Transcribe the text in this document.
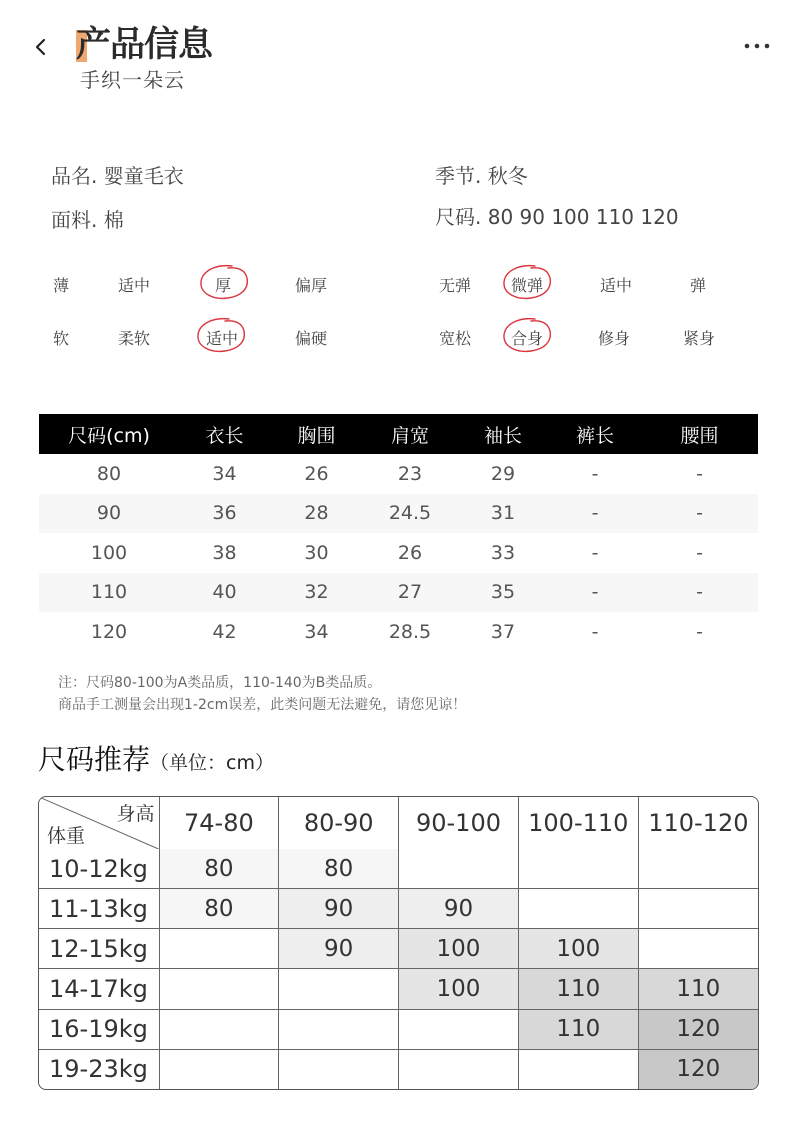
产品信息
手织一朵云
品名. 婴童毛衣	季节. 秋冬
面料. 棉	尺码. 80 90 100 110 120
薄	适中	厚	偏厚	无弹 微弹	适中	弹
软	柔软	适中	偏硬	宽松 合身	修身	紧身
尺码(cm)	衣长	胸围	肩宽	袖长	裤长	腰围
80	34	26	23	29	-	-
90	36	28	24.5	31	-	-
100	38	30	26	33	-	-
110	40	32	27	35	-	-
120	42	34	28.5	37	-	-
注：尺码80-100为A类品质，110-140为B类品质。
商品手工测量会出现1-2cm误差，此类问题无法避免，请您见谅！
尺码推荐（单位：cm）
身高
体重	74-80	80-90	90-100	100-110	110-120
10-12kg	80	80			
11-13kg	80	90	90		
12-15kg		90	100	100	
14-17kg			100	110	110
16-19kg				110	120
19-23kg					120
